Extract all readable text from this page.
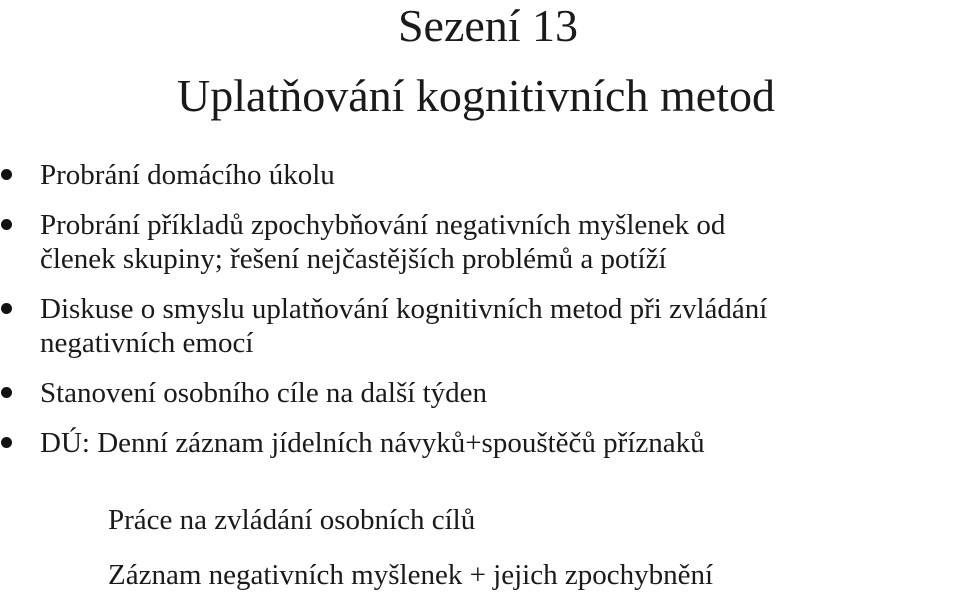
Sezení 13
Uplatňování kognitivních metod
Probrání domácího úkolu
Probrání příkladů zpochybňování negativních myšlenek od
členek skupiny; řešení nejčastějších problémů a potíží
Diskuse o smyslu uplatňování kognitivních metod při zvládání
negativních emocí
Stanovení osobního cíle na další týden
DÚ: Denní záznam jídelních návyků+spouštěčů příznaků
Práce na zvládání osobních cílů
Záznam negativních myšlenek + jejich zpochybnění
